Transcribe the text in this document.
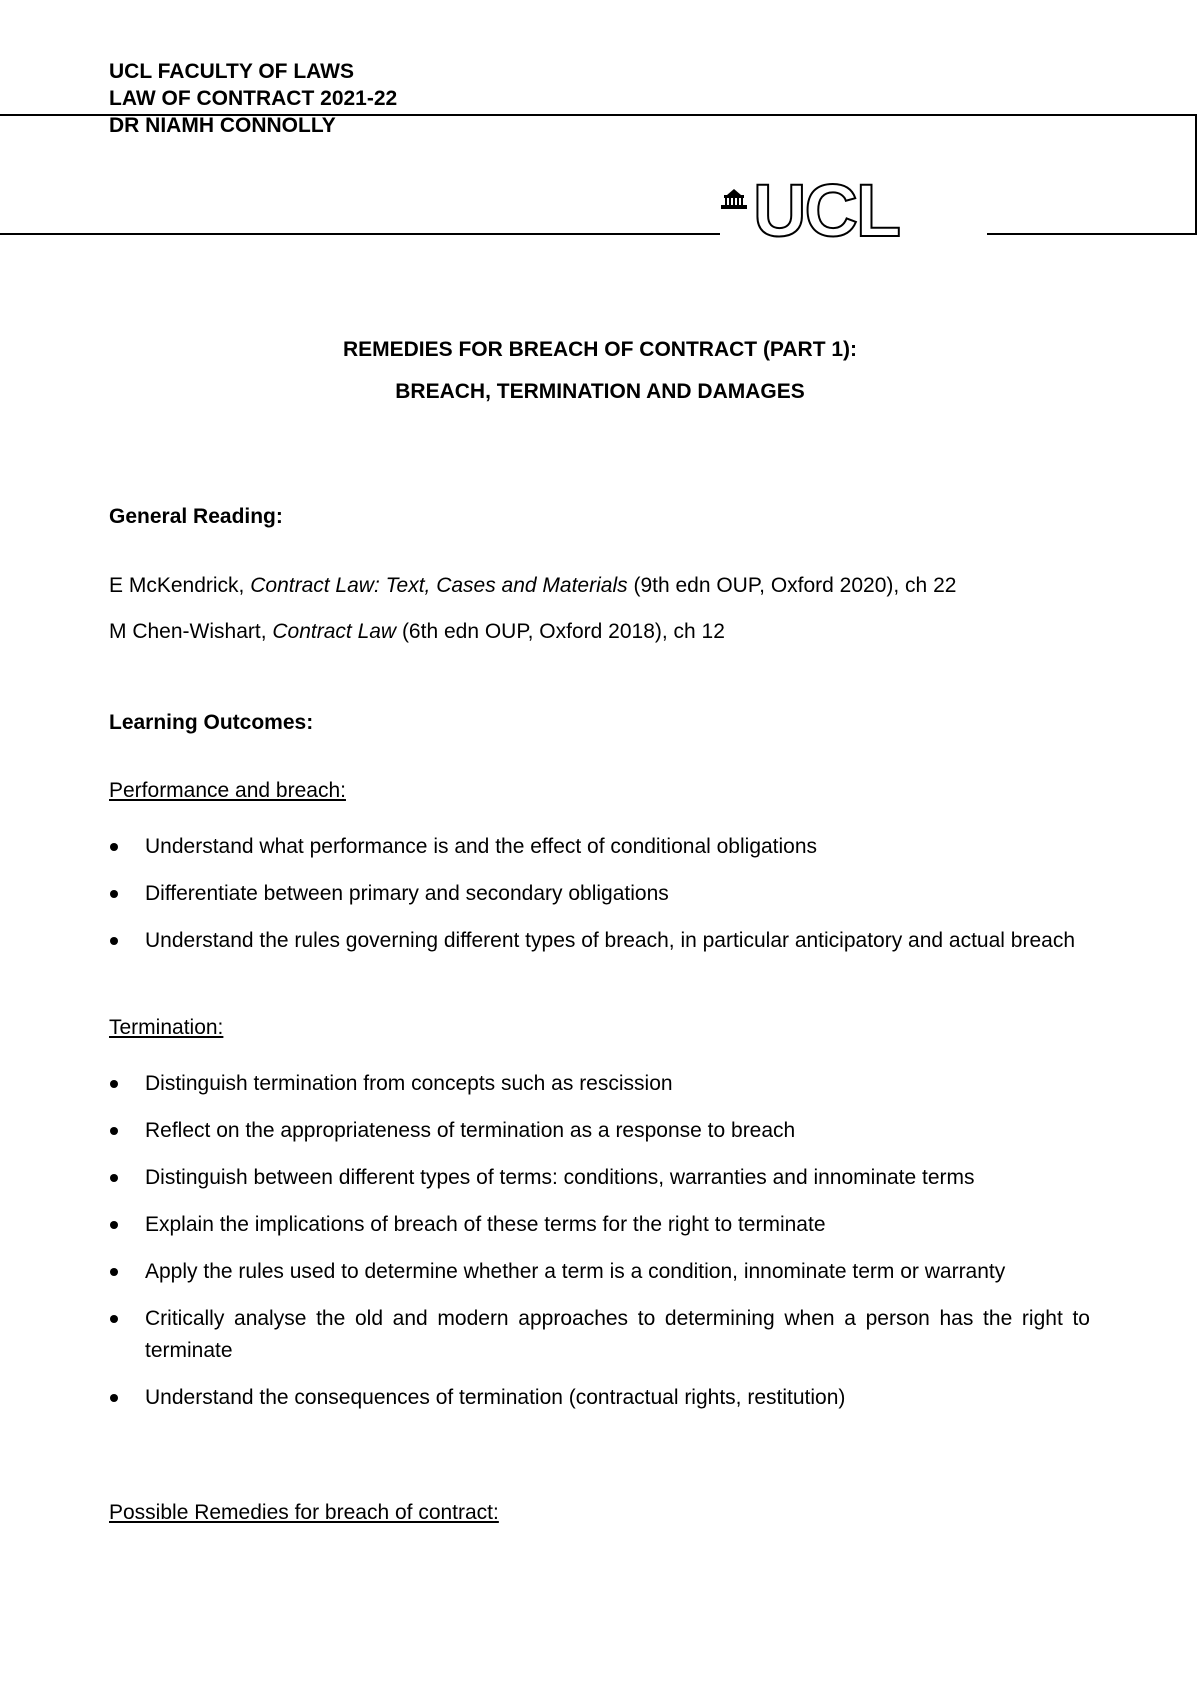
UCL FACULTY OF LAWS
LAW OF CONTRACT 2021-22
DR NIAMH CONNOLLY
UCL
REMEDIES FOR BREACH OF CONTRACT (PART 1):
BREACH, TERMINATION AND DAMAGES
General Reading:
E McKendrick, Contract Law: Text, Cases and Materials (9th edn OUP, Oxford 2020), ch 22
M Chen-Wishart, Contract Law (6th edn OUP, Oxford 2018), ch 12
Learning Outcomes:
Performance and breach:
Understand what performance is and the effect of conditional obligations
Differentiate between primary and secondary obligations
Understand the rules governing different types of breach, in particular anticipatory and actual breach
Termination:
Distinguish termination from concepts such as rescission
Reflect on the appropriateness of termination as a response to breach
Distinguish between different types of terms: conditions, warranties and innominate terms
Explain the implications of breach of these terms for the right to terminate
Apply the rules used to determine whether a term is a condition, innominate term or warranty
Critically analyse the old and modern approaches to determining when a person has the right to terminate
Understand the consequences of termination (contractual rights, restitution)
Possible Remedies for breach of contract:
